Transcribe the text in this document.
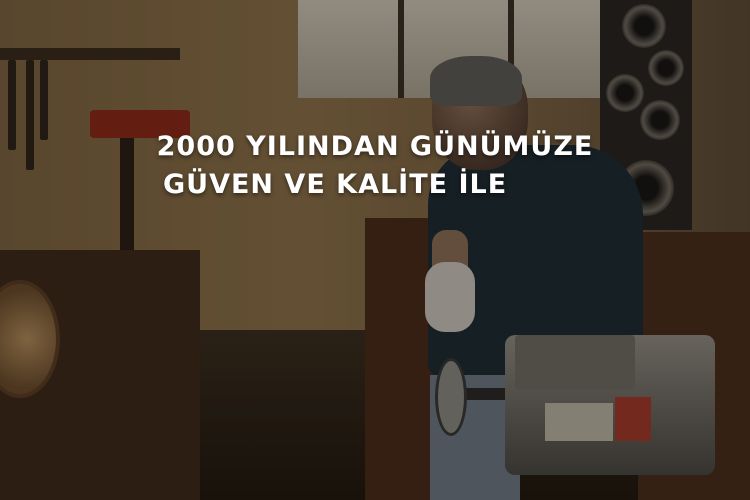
2000 YILINDAN GÜNÜMÜZE
GÜVEN VE KALİTE İLE
